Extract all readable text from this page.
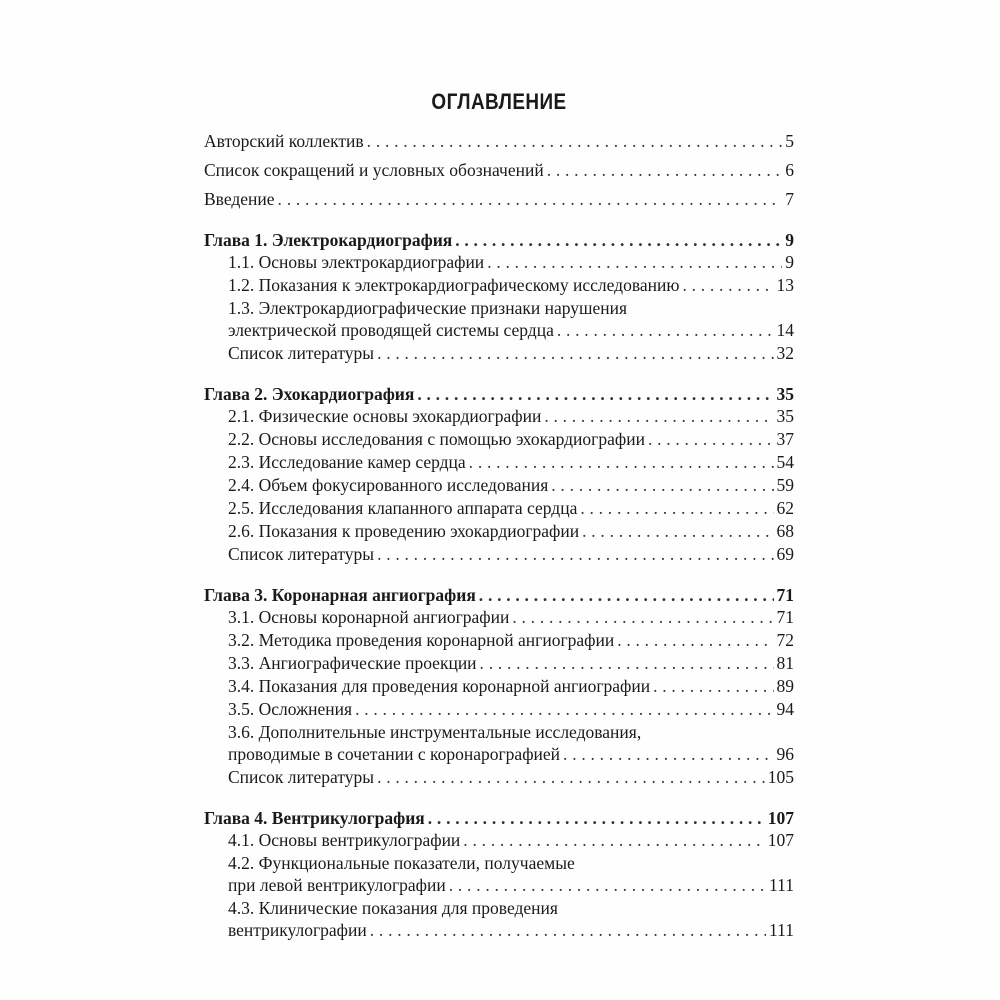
ОГЛАВЛЕНИЕ
Авторский коллектив . . .	5
Список сокращений и условных обозначений . . .	6
Введение . . .	7
Глава 1. Электрокардиография . . .	9
1.1. Основы электрокардиографии . . .	9
1.2. Показания к электрокардиографическому исследованию . . .	13
1.3. Электрокардиографические признаки нарушения
электрической проводящей системы сердца . . .	14
Список литературы . . .	32
Глава 2. Эхокардиография . . .	35
2.1. Физические основы эхокардиографии . . .	35
2.2. Основы исследования с помощью эхокардиографии . . .	37
2.3. Исследование камер сердца . . .	54
2.4. Объем фокусированного исследования . . .	59
2.5. Исследования клапанного аппарата сердца . . .	62
2.6. Показания к проведению эхокардиографии . . .	68
Список литературы . . .	69
Глава 3. Коронарная ангиография . . .	71
3.1. Основы коронарной ангиографии . . .	71
3.2. Методика проведения коронарной ангиографии . . .	72
3.3. Ангиографические проекции . . .	81
3.4. Показания для проведения коронарной ангиографии . . .	89
3.5. Осложнения . . .	94
3.6. Дополнительные инструментальные исследования,
проводимые в сочетании с коронарографией . . .	96
Список литературы . . .	105
Глава 4. Вентрикулография . . .	107
4.1. Основы вентрикулографии . . .	107
4.2. Функциональные показатели, получаемые
при левой вентрикулографии . . .	111
4.3. Клинические показания для проведения
вентрикулографии . . .	111
